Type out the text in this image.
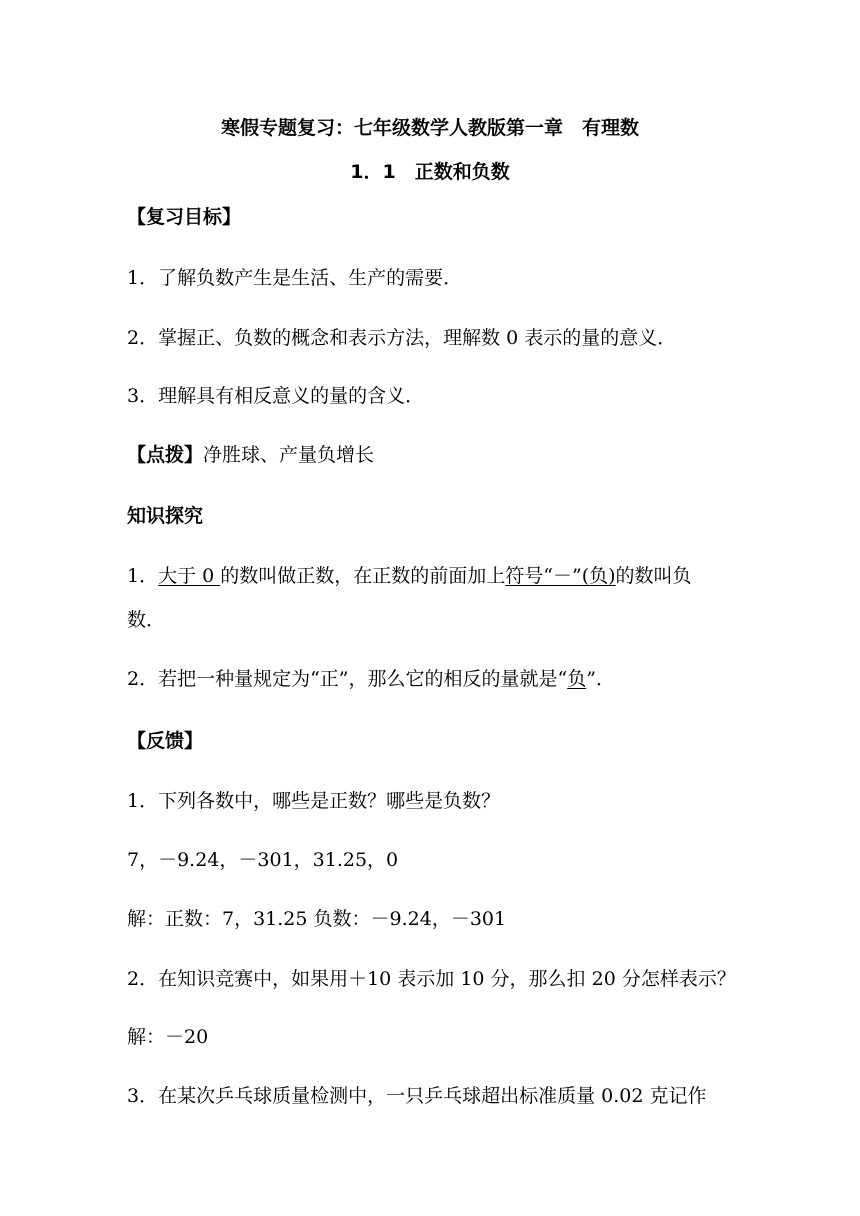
寒假专题复习：七年级数学人教版第一章　有理数
1．1　正数和负数
【复习目标】
1．了解负数产生是生活、生产的需要．
2．掌握正、负数的概念和表示方法，理解数 0 表示的量的意义．
3．理解具有相反意义的量的含义．
【点拨】净胜球、产量负增长
知识探究
1．大于 0 的数叫做正数，在正数的前面加上符号“－”(负)的数叫负
数．
2．若把一种量规定为“正”，那么它的相反的量就是“负”．
【反馈】
1．下列各数中，哪些是正数？哪些是负数？
7，－9.24，－301，31.25，0
解：正数：7，31.25 负数：－9.24，－301
2．在知识竞赛中，如果用＋10 表示加 10 分，那么扣 20 分怎样表示？
解：－20
3．在某次乒乓球质量检测中，一只乒乓球超出标准质量 0.02 克记作
